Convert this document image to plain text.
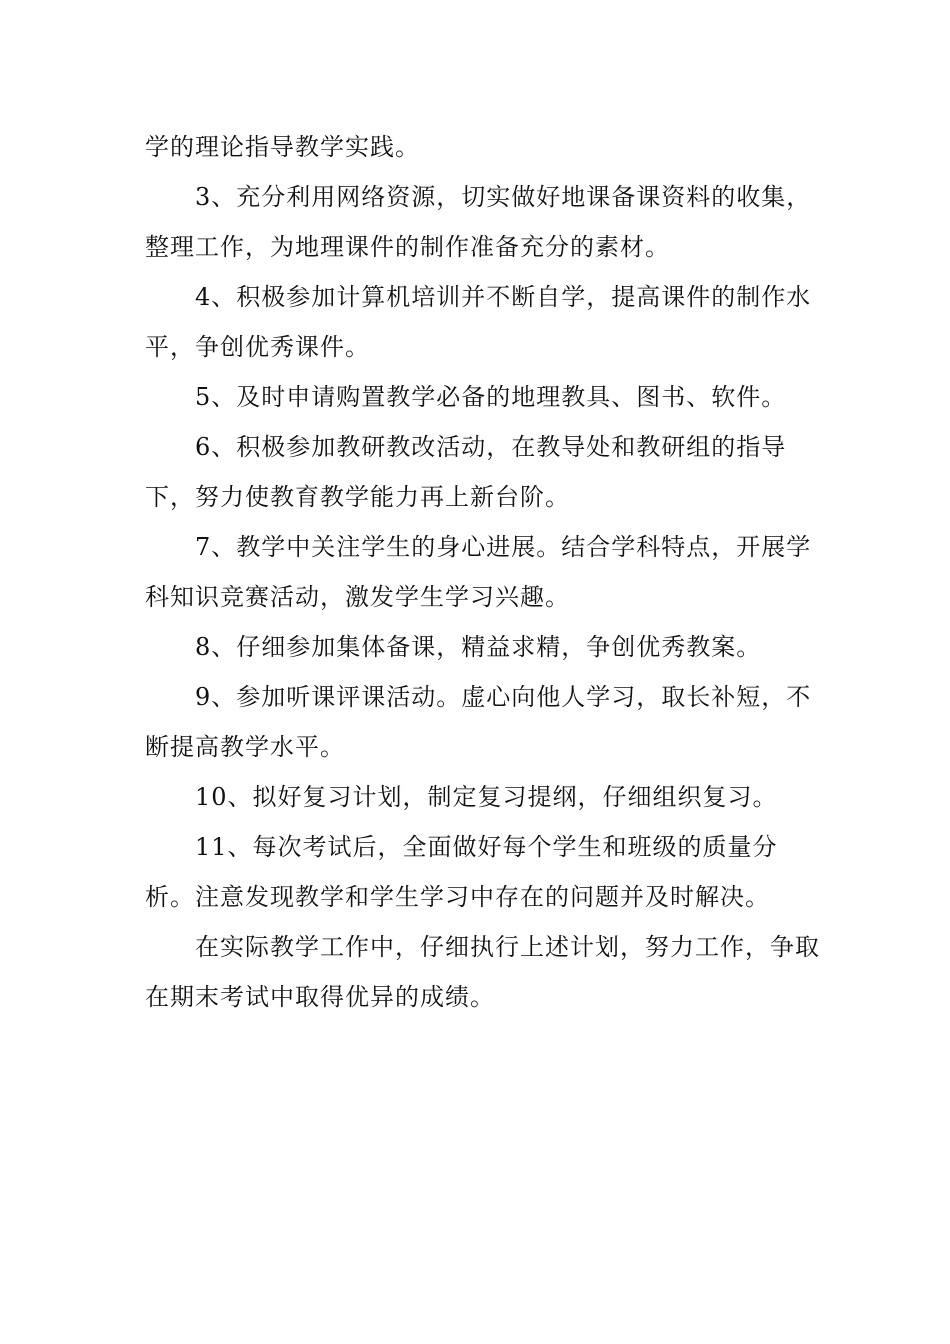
学的理论指导教学实践。

3、充分利用网络资源，切实做好地课备课资料的收集，整理工作，为地理课件的制作准备充分的素材。

4、积极参加计算机培训并不断自学，提高课件的制作水平，争创优秀课件。

5、及时申请购置教学必备的地理教具、图书、软件。

6、积极参加教研教改活动，在教导处和教研组的指导下，努力使教育教学能力再上新台阶。

7、教学中关注学生的身心进展。结合学科特点，开展学科知识竞赛活动，激发学生学习兴趣。

8、仔细参加集体备课，精益求精，争创优秀教案。

9、参加听课评课活动。虚心向他人学习，取长补短，不断提高教学水平。

10、拟好复习计划，制定复习提纲，仔细组织复习。

11、每次考试后，全面做好每个学生和班级的质量分析。注意发现教学和学生学习中存在的问题并及时解决。

在实际教学工作中，仔细执行上述计划，努力工作，争取在期末考试中取得优异的成绩。
